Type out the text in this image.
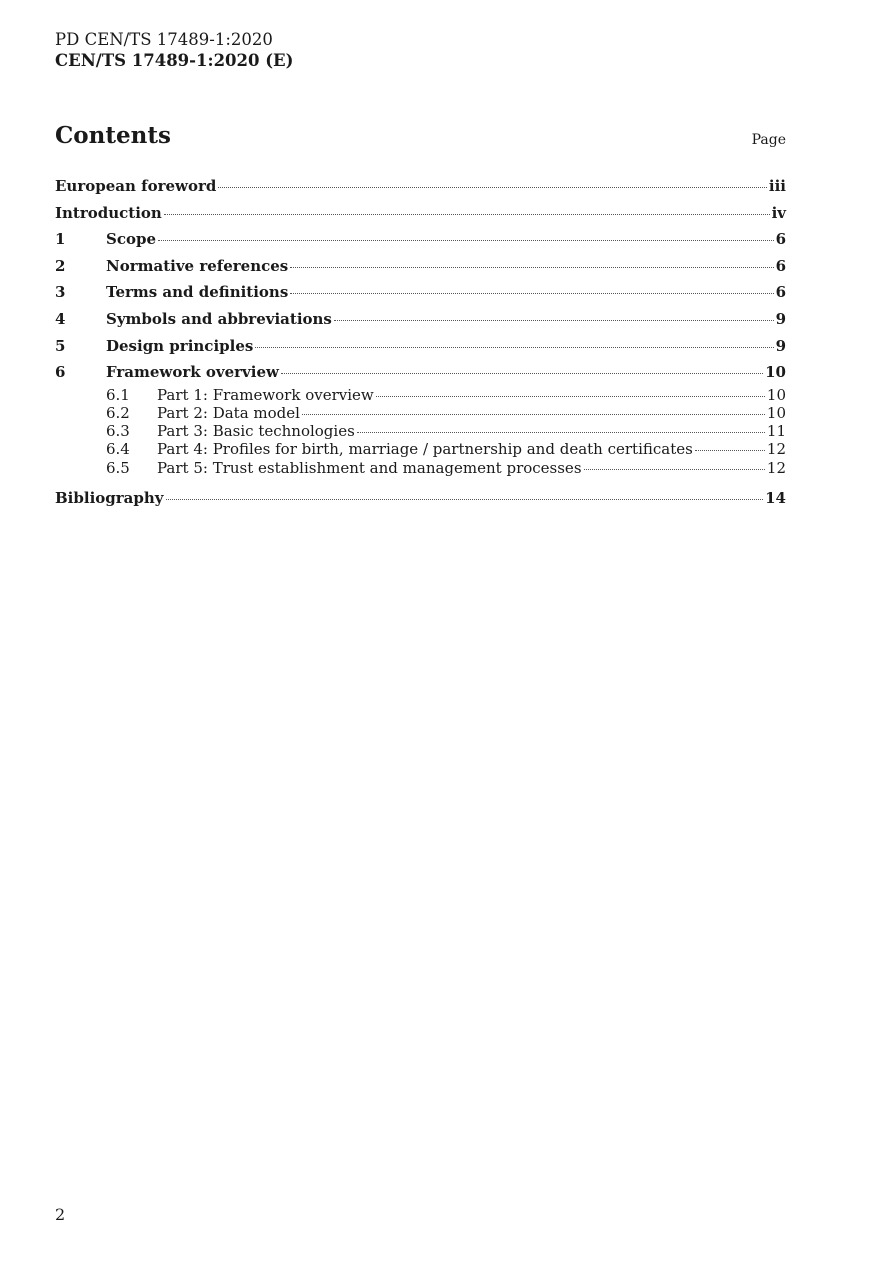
PD CEN/TS 17489-1:2020
CEN/TS 17489-1:2020 (E)
Contents	Page
European foreword	iii
Introduction	iv
1	Scope	6
2	Normative references	6
3	Terms and definitions	6
4	Symbols and abbreviations	9
5	Design principles	9
6	Framework overview	10
6.1	Part 1: Framework overview	10
6.2	Part 2: Data model	10
6.3	Part 3: Basic technologies	11
6.4	Part 4: Profiles for birth, marriage / partnership and death certificates	12
6.5	Part 5: Trust establishment and management processes	12
Bibliography	14
2
